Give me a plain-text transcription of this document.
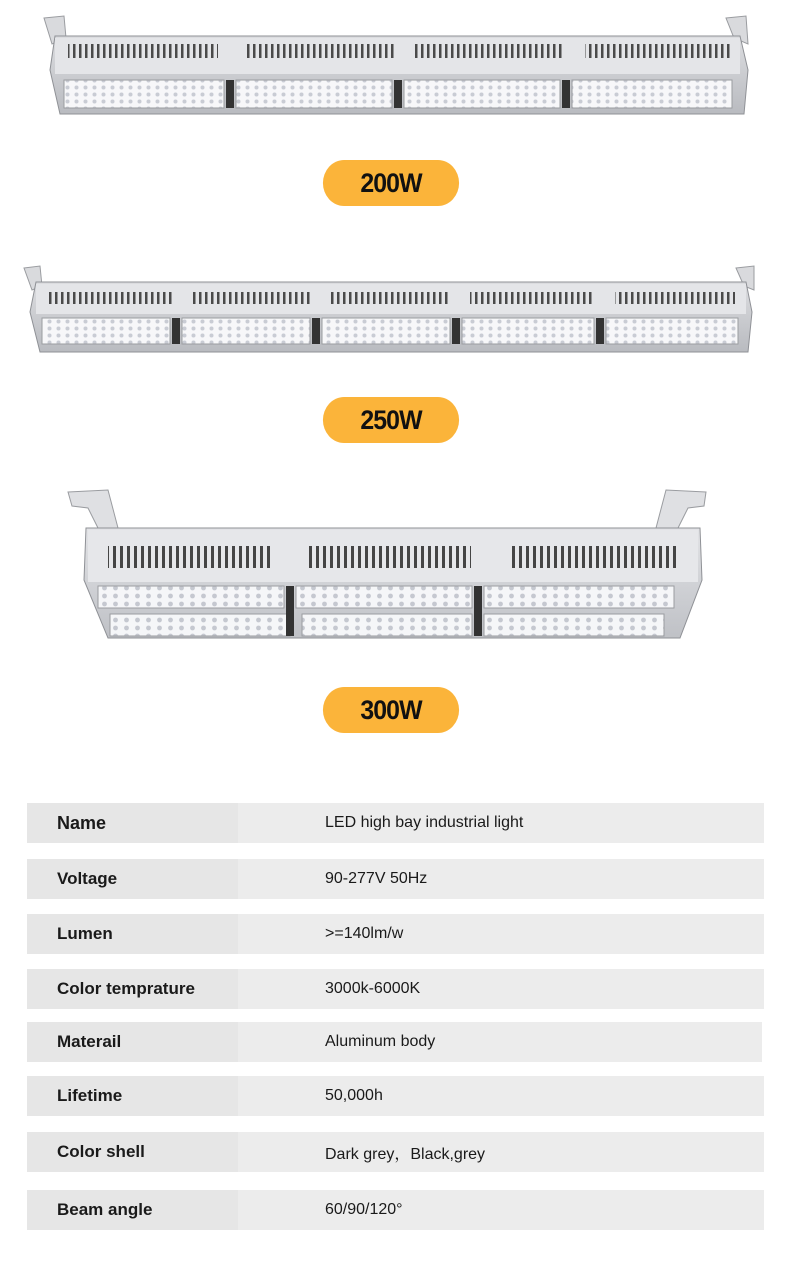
200W
250W
300W
Name	LED high bay industrial light
Voltage	90-277V 50Hz
Lumen	>=140lm/w
Color temprature	3000k-6000K
Materail	Aluminum body
Lifetime	50,000h
Color shell	Dark grey，Black,grey
Beam angle	60/90/120°
